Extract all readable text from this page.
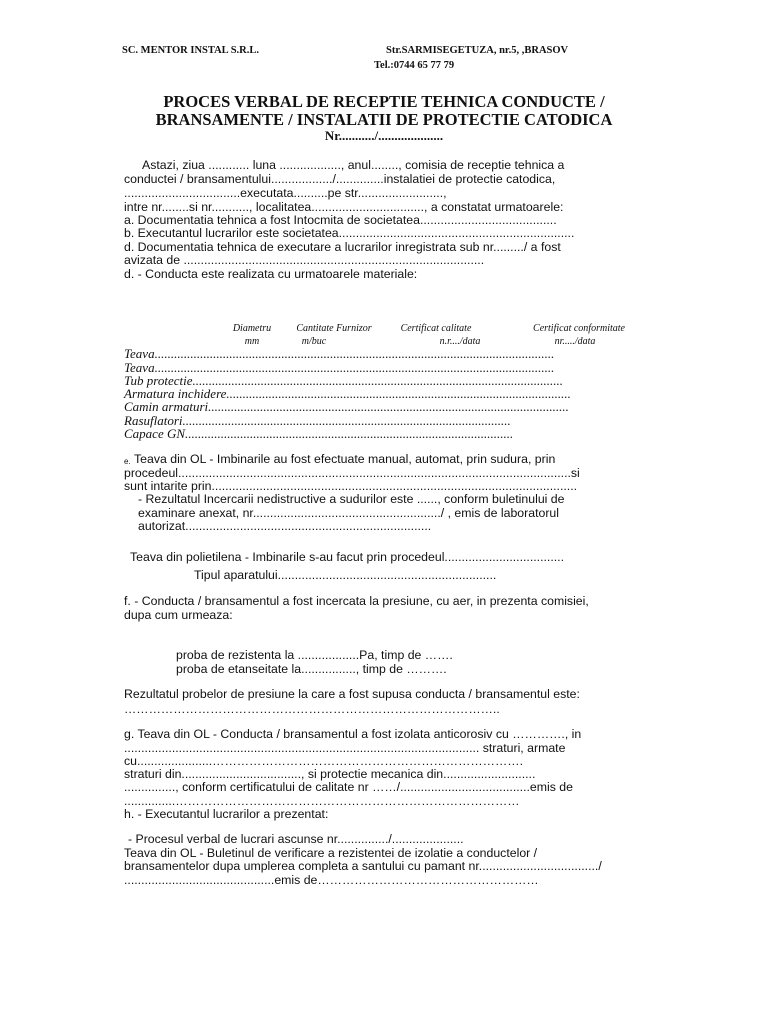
SC. MENTOR INSTAL S.R.L.	Str.SARMISEGETUZA, nr.5, ,BRASOV
Tel.:0744 65 77 79
PROCES VERBAL DE RECEPTIE TEHNICA CONDUCTE /
BRANSAMENTE / INSTALATII DE PROTECTIE CATODICA
Nr.........../....................
Astazi, ziua ............ luna .................., anul........, comisia de receptie tehnica a
conductei / bransamentului................../..............instalatiei de protectie catodica,
..................................executata..........pe str.........................,
intre nr........si nr..........., localitatea................................., a constatat urmatoarele:
a. Documentatia tehnica a fost Intocmita de societatea........................................
b. Executantul lucrarilor este societatea.....................................................................
d. Documentatia tehnica de executare a lucrarilor inregistrata sub nr........./ a fost
avizata de ........................................................................................
d. - Conducta este realizata cu urmatoarele materiale:
Diametru
mm
Cantitate Furnizor
m/buc
Certificat calitate
n.r..../data
Certificat conformitate
nr...../data
Teava...........................................................................................................................
Teava...........................................................................................................................
Tub protectie..................................................................................................................
Armatura inchidere..........................................................................................................
Camin armaturi...............................................................................................................
Rasuflatori.....................................................................................................
Capace GN.....................................................................................................
e. Teava din OL - Imbinarile au fost efectuate manual, automat, prin sudura, prin
procedeul...................................................................................................................si
sunt intarite prin...........................................................................................................
- Rezultatul Incercarii nedistructive a sudurilor este ......, conform buletinului de
examinare anexat, nr......................................................./ , emis de laboratorul
autorizat........................................................................
Teava din polietilena - Imbinarile s-au facut prin procedeul...................................
Tipul aparatului................................................................
f. - Conducta / bransamentul a fost incercata la presiune, cu aer, in prezenta comisiei,
dupa cum urmeaza:
proba de rezistenta la ..................Pa, timp de …….
proba de etanseitate la................, timp de ……….
Rezultatul probelor de presiune la care a fost supusa conducta / bransamentul este:
………………………………………………………………………………..
g. Teava din OL - Conducta / bransamentul a fost izolata anticorosiv cu …………., in
........................................................................................................ straturi, armate
cu......................………………………………………………………………….
straturi din..................................., si protectie mecanica din...........................
..............., conform certificatului de calitate nr ……/......................................emis de
...............…………………………………………………………………………
h. - Executantul lucrarilor a prezentat:
- Procesul verbal de lucrari ascunse nr.............../.....................
Teava din OL - Buletinul de verificare a rezistentei de izolatie a conductelor /
bransamentelor dupa umplerea completa a santului cu pamant nr.................................../
............................................emis de………………………………………………
